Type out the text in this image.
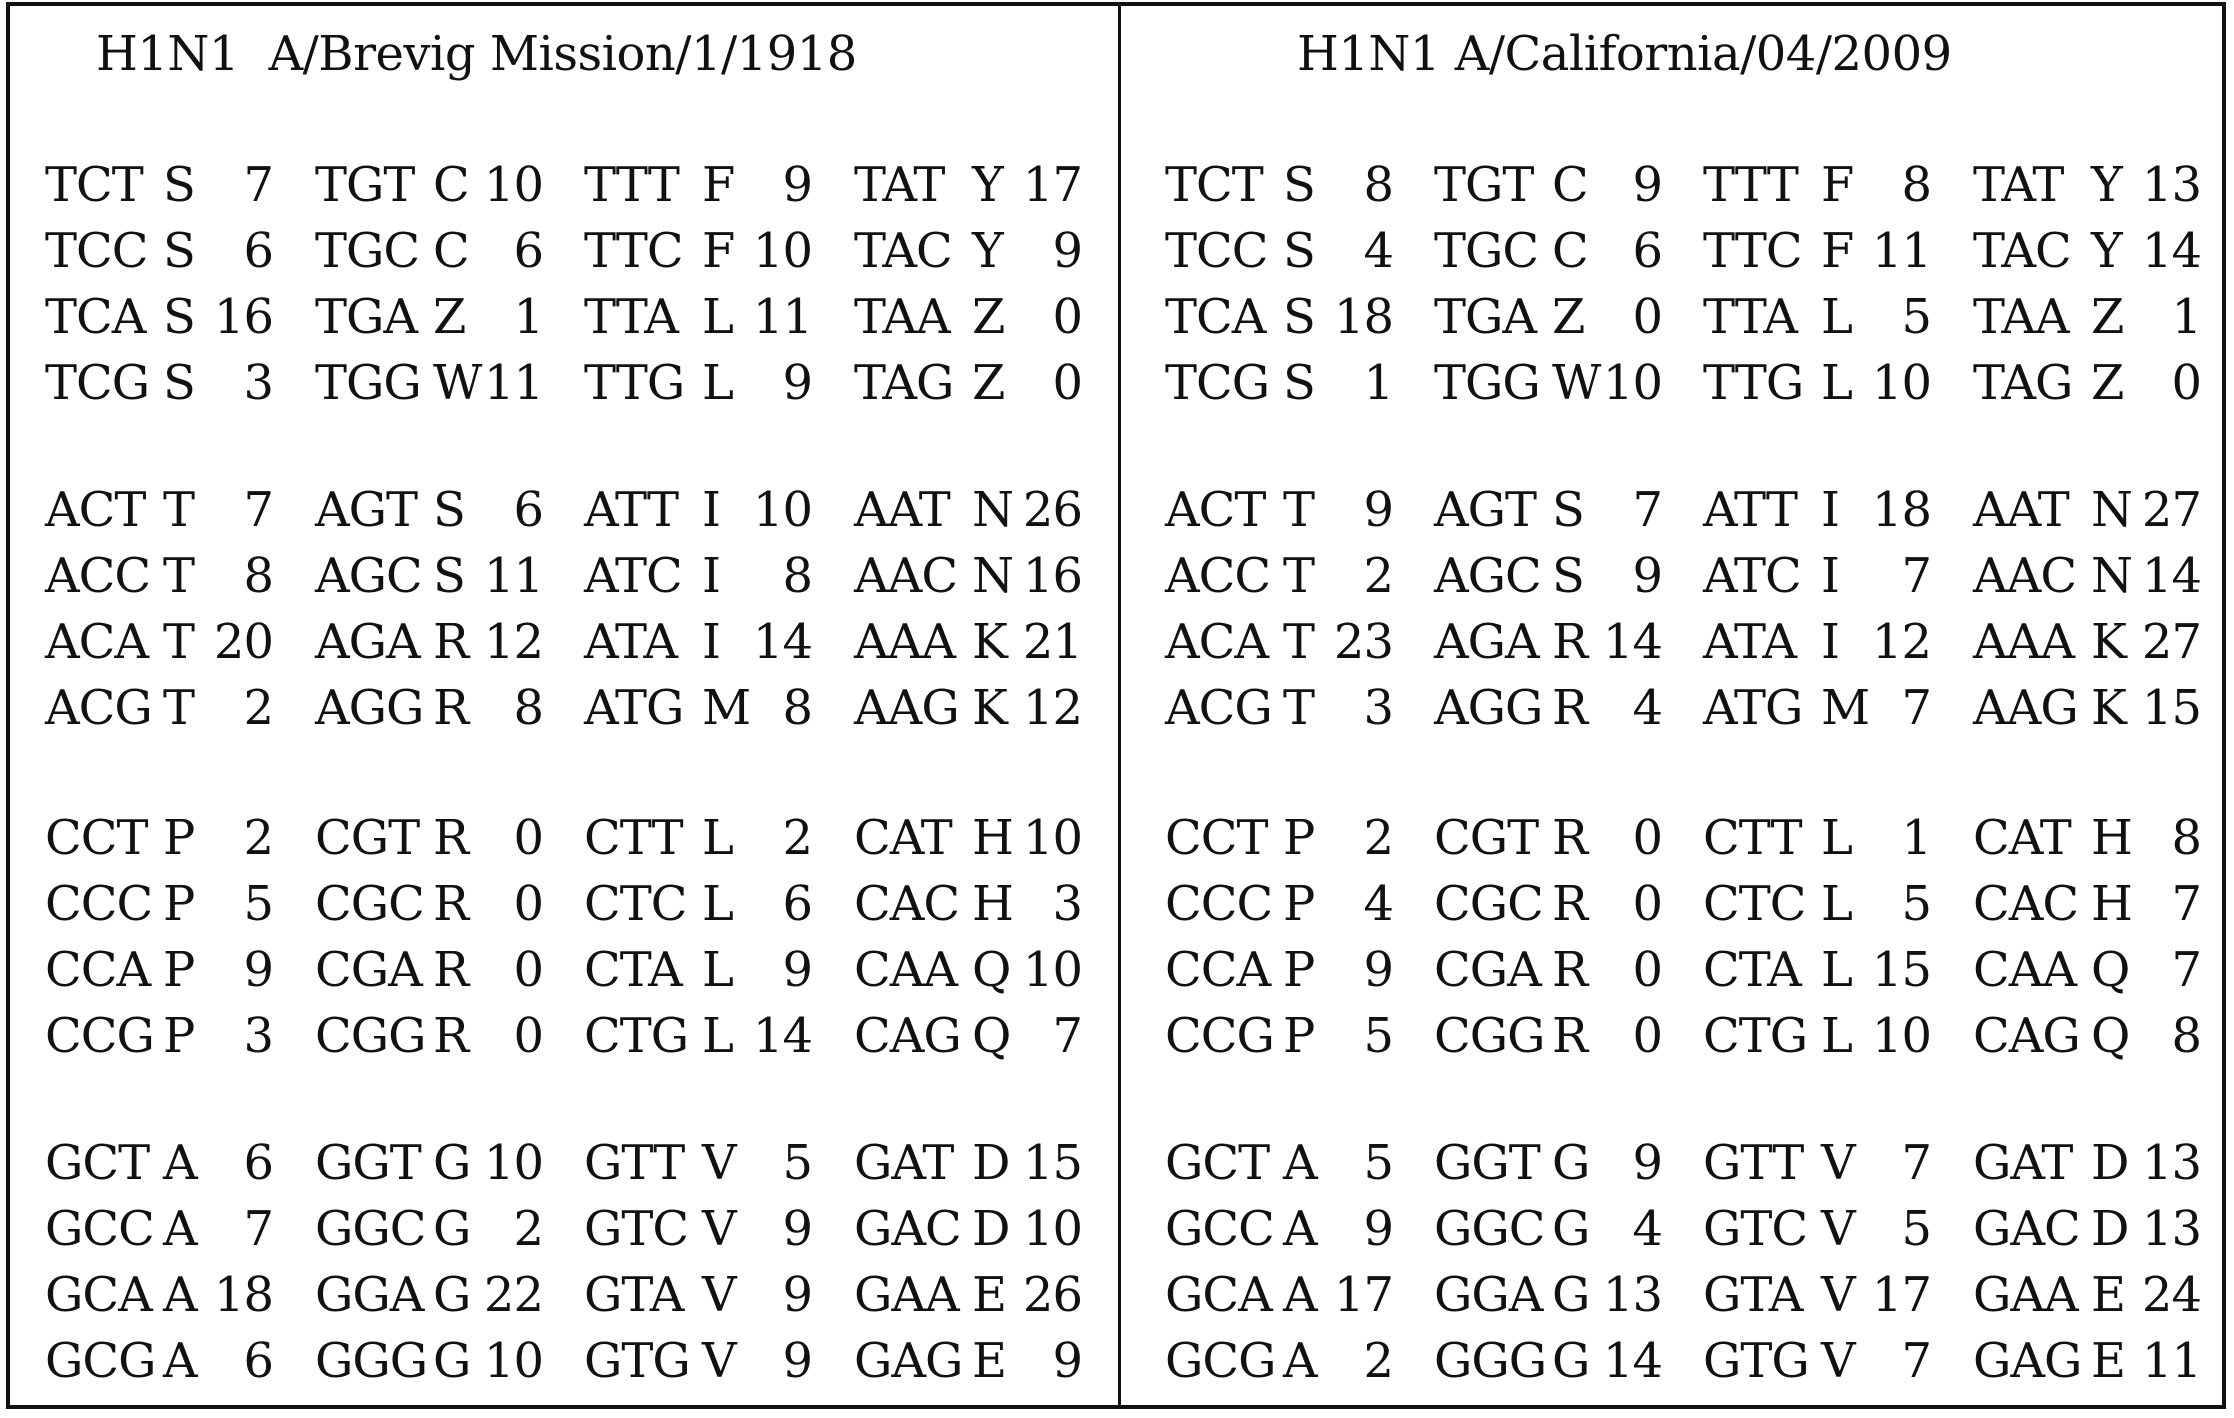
H1N1  A/Brevig Mission/1/1918
TCT S 7 TGT C 10 TTT F 9 TAT Y 17
TCC S 6 TGC C 6 TTC F 10 TAC Y 9
TCA S 16 TGA Z 1 TTA L 11 TAA Z 0
TCG S 3 TGG W 11 TTG L 9 TAG Z 0
ACT T 7 AGT S 6 ATT I 10 AAT N 26
ACC T 8 AGC S 11 ATC I 8 AAC N 16
ACA T 20 AGA R 12 ATA I 14 AAA K 21
ACG T 2 AGG R 8 ATG M 8 AAG K 12
CCT P 2 CGT R 0 CTT L 2 CAT H 10
CCC P 5 CGC R 0 CTC L 6 CAC H 3
CCA P 9 CGA R 0 CTA L 9 CAA Q 10
CCG P 3 CGG R 0 CTG L 14 CAG Q 7
GCT A 6 GGT G 10 GTT V 5 GAT D 15
GCC A 7 GGC G 2 GTC V 9 GAC D 10
GCA A 18 GGA G 22 GTA V 9 GAA E 26
GCG A 6 GGG G 10 GTG V 9 GAG E 9
H1N1 A/California/04/2009
TCT S 8 TGT C 9 TTT F 8 TAT Y 13
TCC S 4 TGC C 6 TTC F 11 TAC Y 14
TCA S 18 TGA Z 0 TTA L 5 TAA Z 1
TCG S 1 TGG W 10 TTG L 10 TAG Z 0
ACT T 9 AGT S 7 ATT I 18 AAT N 27
ACC T 2 AGC S 9 ATC I 7 AAC N 14
ACA T 23 AGA R 14 ATA I 12 AAA K 27
ACG T 3 AGG R 4 ATG M 7 AAG K 15
CCT P 2 CGT R 0 CTT L 1 CAT H 8
CCC P 4 CGC R 0 CTC L 5 CAC H 7
CCA P 9 CGA R 0 CTA L 15 CAA Q 7
CCG P 5 CGG R 0 CTG L 10 CAG Q 8
GCT A 5 GGT G 9 GTT V 7 GAT D 13
GCC A 9 GGC G 4 GTC V 5 GAC D 13
GCA A 17 GGA G 13 GTA V 17 GAA E 24
GCG A 2 GGG G 14 GTG V 7 GAG E 11
